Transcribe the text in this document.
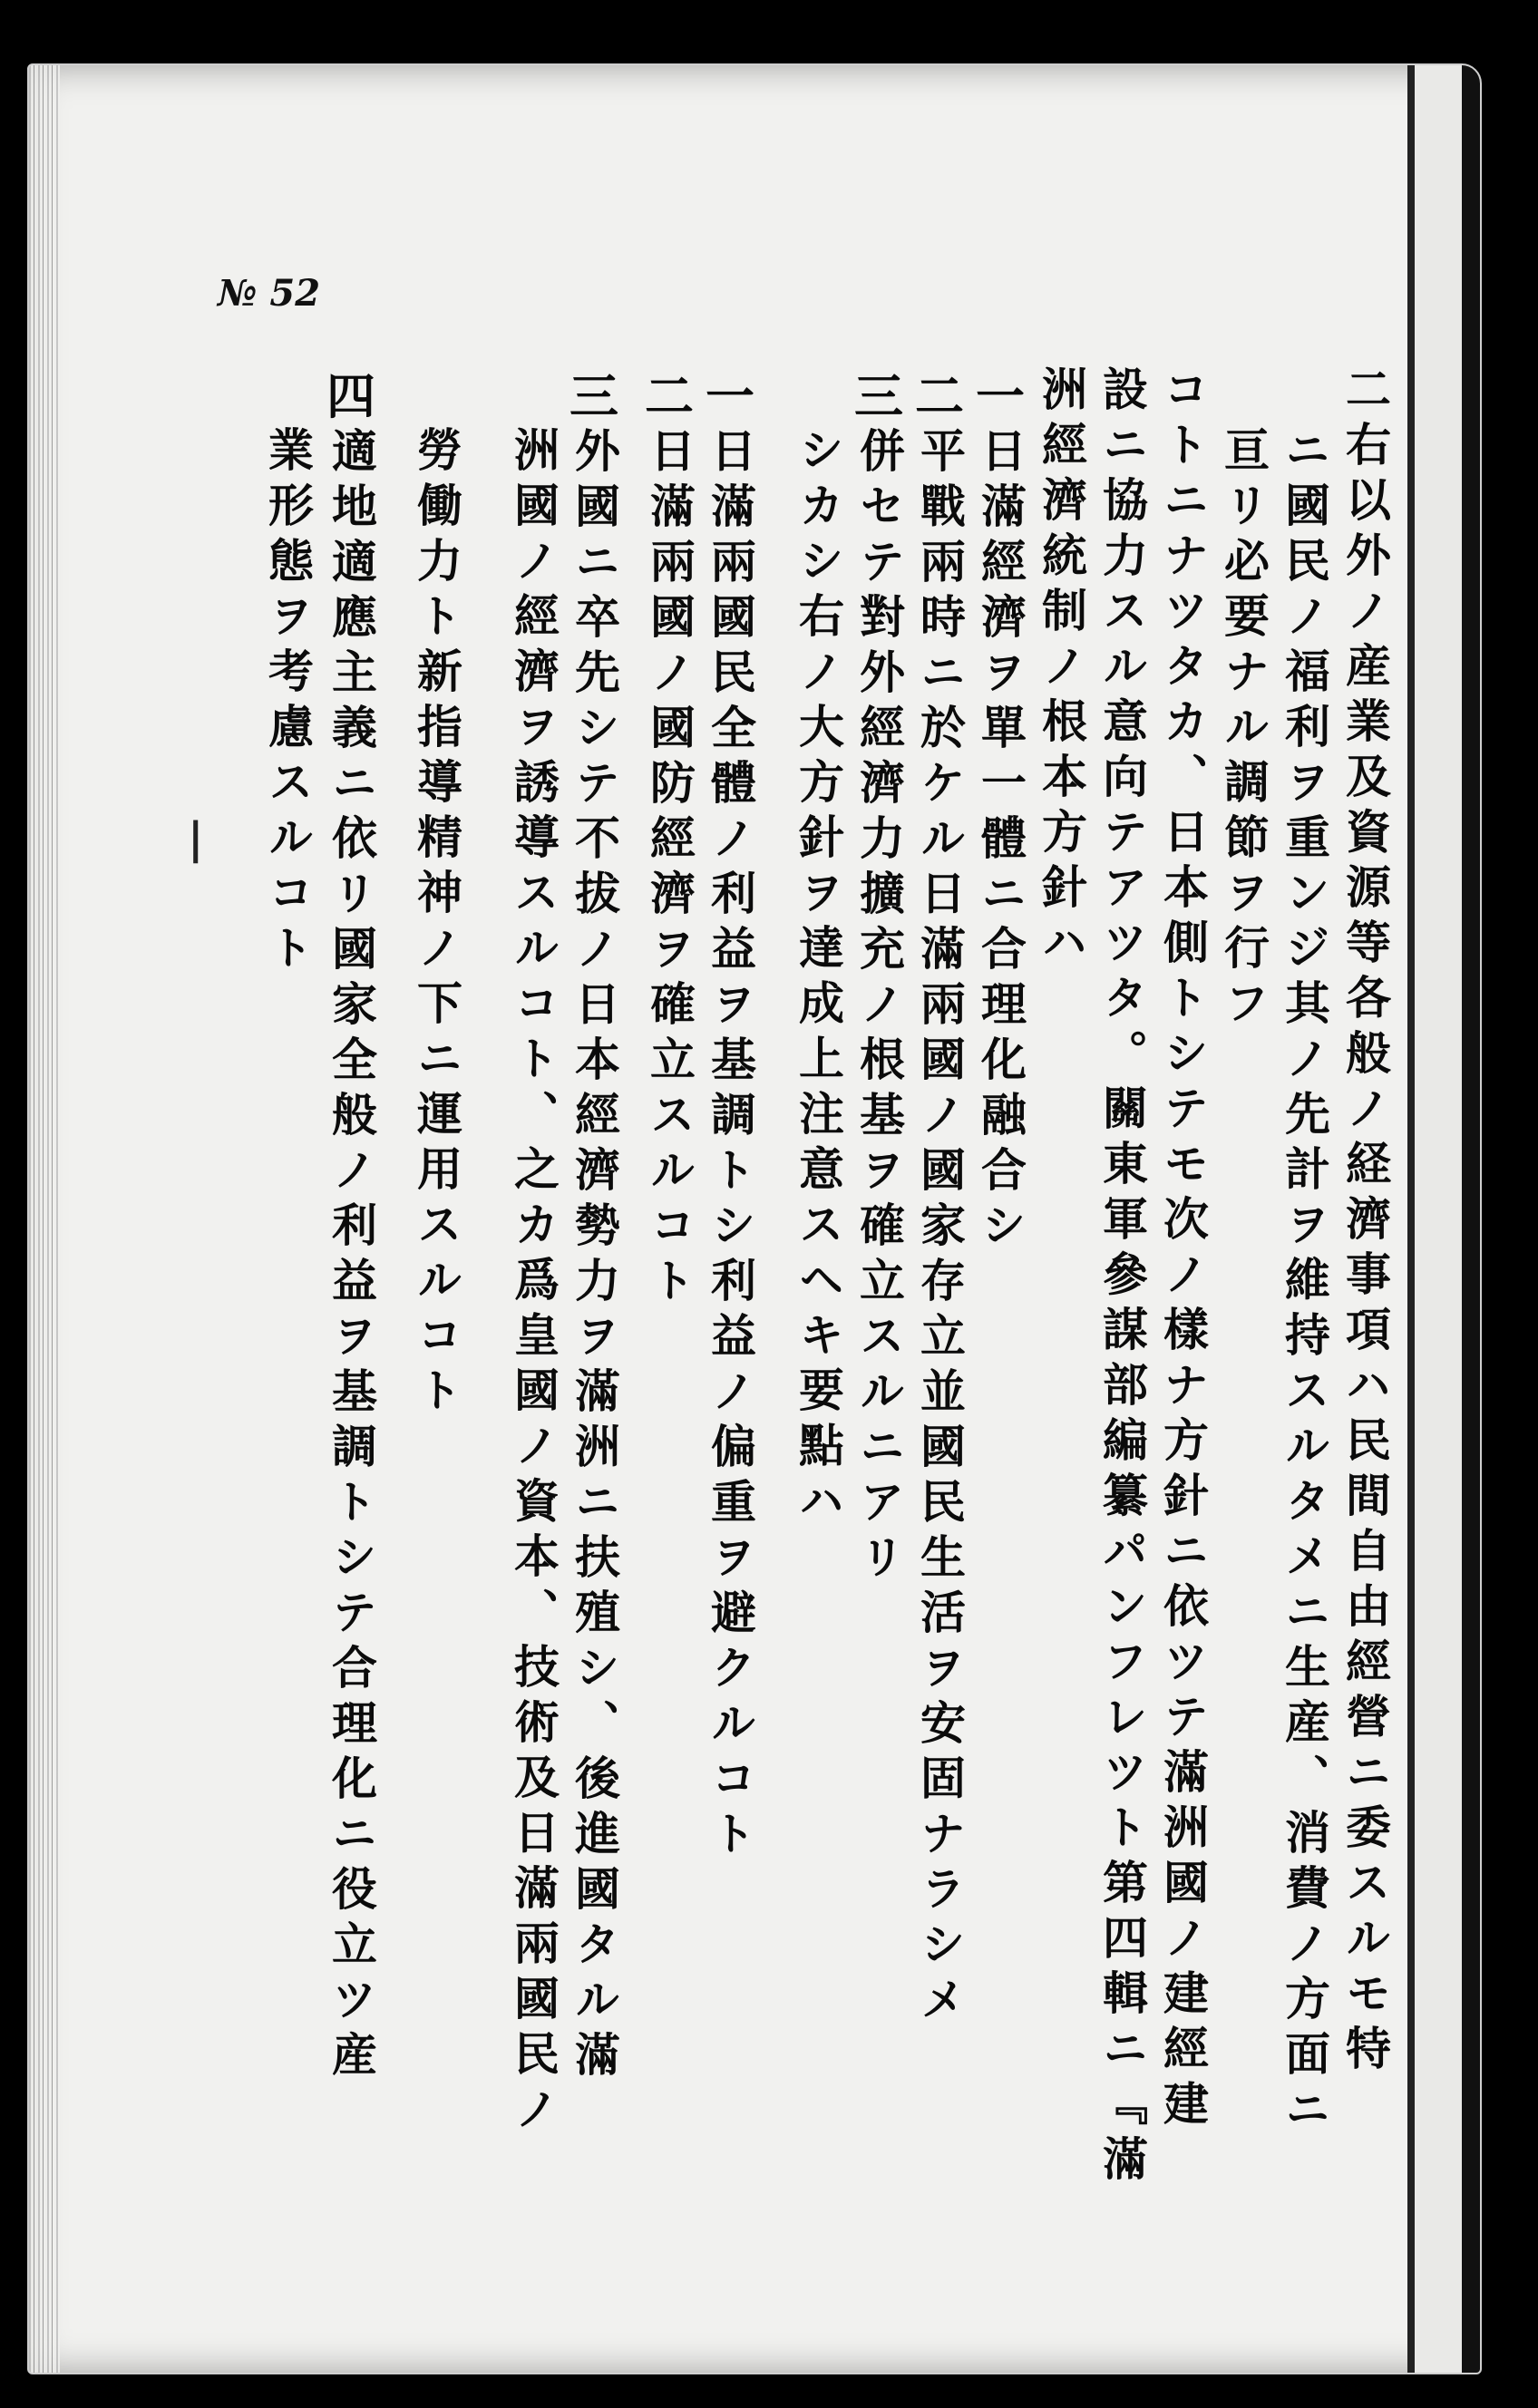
№ 52
|	二右以外ノ産業及資源等各般ノ経濟事項ハ民間自由經營ニ委スルモ特
ニ國民ノ福利ヲ重ンジ其ノ先計ヲ維持スルタメニ生産、消費ノ方面ニ
亘リ必要ナル調節ヲ行フ
コトニナツタカ、日本側トシテモ次ノ樣ナ方針ニ依ツテ滿洲國ノ建經建
設ニ協力スル意向テアツタ。關東軍參謀部編纂パンフレツト第四輯ニ『滿
洲經濟統制ノ根本方針ハ
一
日滿經濟ヲ單一體ニ合理化融合シ
二
平戰兩時ニ於ケル日滿兩國ノ國家存立並國民生活ヲ安固ナラシメ
三
併セテ對外經濟力擴充ノ根基ヲ確立スルニアリ
シカシ右ノ大方針ヲ達成上注意スヘキ要點ハ
一
日滿兩國民全體ノ利益ヲ基調トシ利益ノ偏重ヲ避クルコト
二
日滿兩國ノ國防經濟ヲ確立スルコト
三
外國ニ卒先シテ不拔ノ日本經濟勢力ヲ滿洲ニ扶殖シ、後進國タル滿
洲國ノ經濟ヲ誘導スルコト、之カ爲皇國ノ資本、技術及日滿兩國民ノ
勞働力ト新指導精神ノ下ニ運用スルコト
四
適地適應主義ニ依リ國家全般ノ利益ヲ基調トシテ合理化ニ役立ツ産
業形態ヲ考慮スルコト
